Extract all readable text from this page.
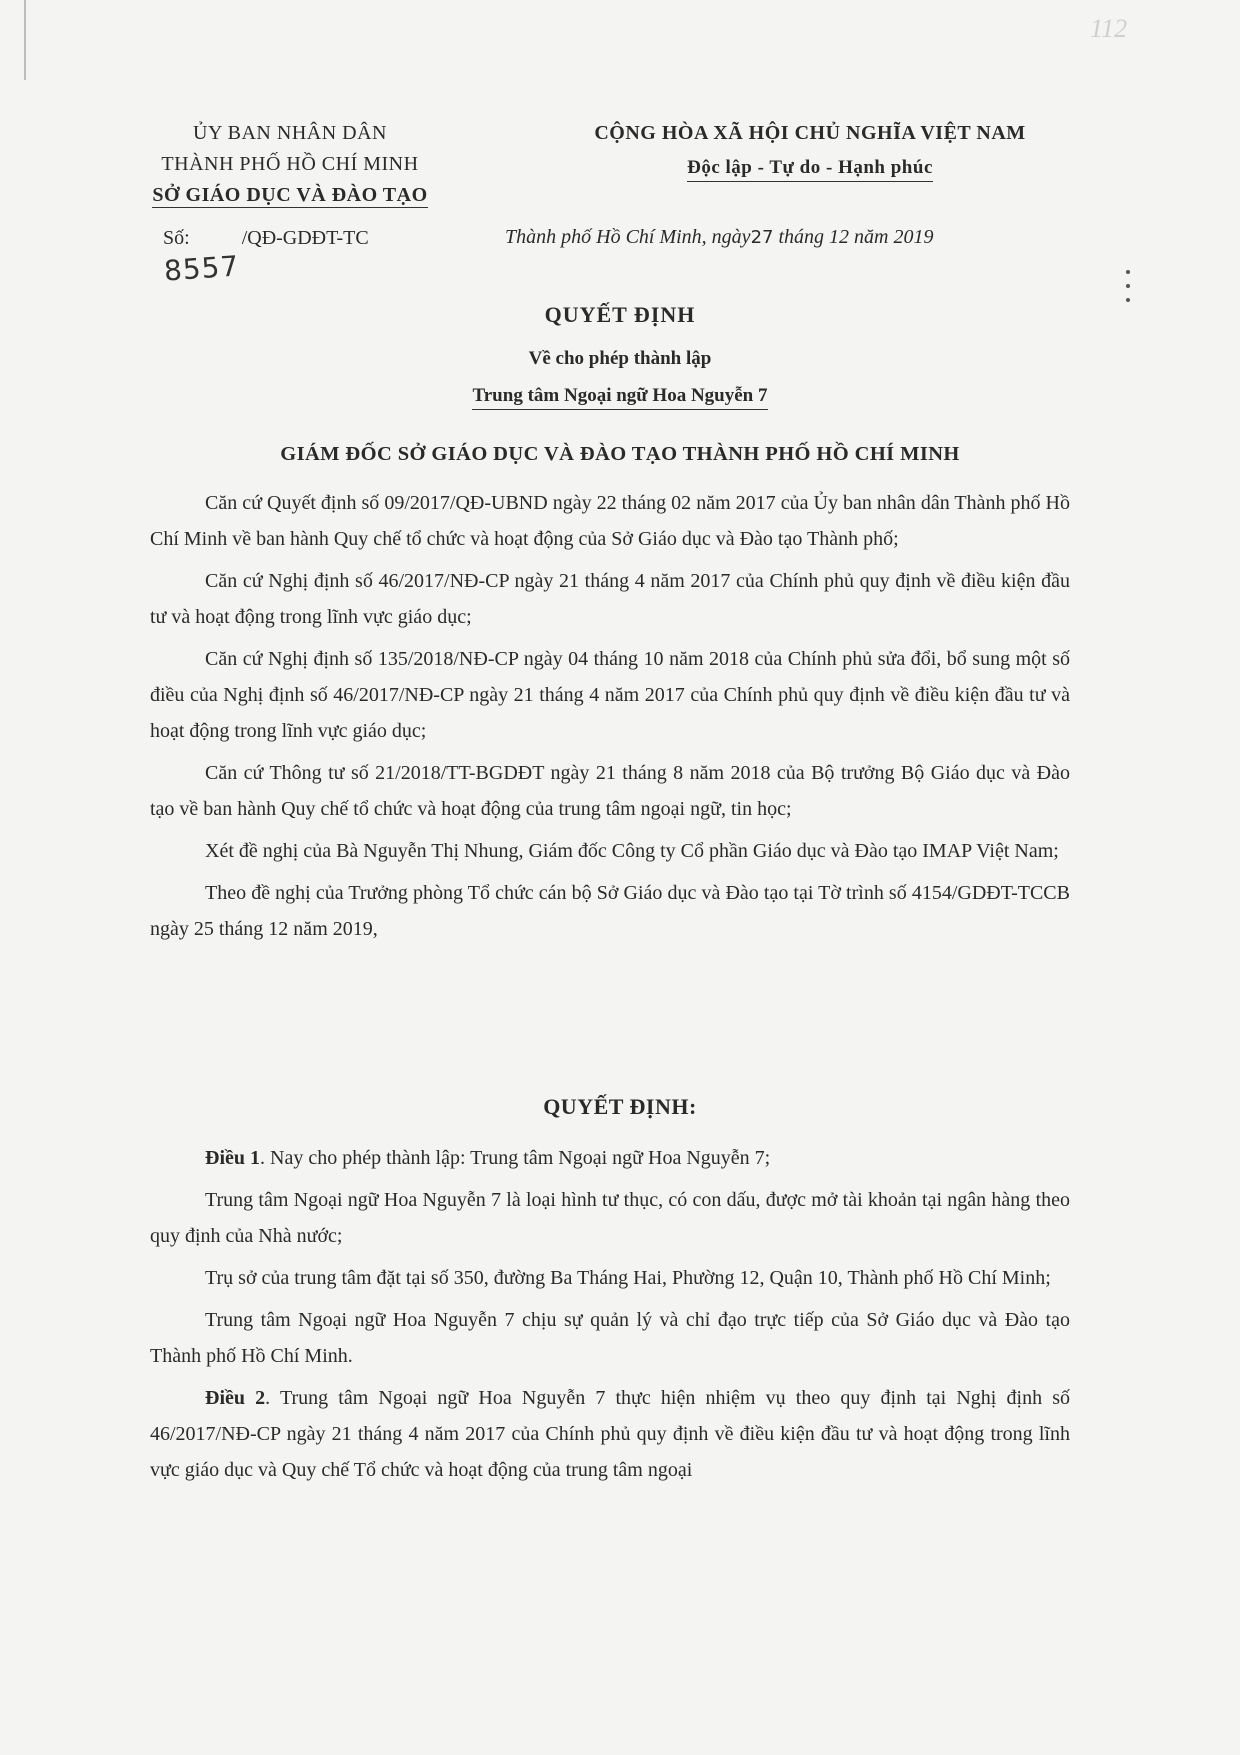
112
ỦY BAN NHÂN DÂN
THÀNH PHỐ HỒ CHÍ MINH
SỞ GIÁO DỤC VÀ ĐÀO TẠO
CỘNG HÒA XÃ HỘI CHỦ NGHĨA VIỆT NAM
Độc lập - Tự do - Hạnh phúc
Số:	/QĐ-GDĐT-TC
8557
Thành phố Hồ Chí Minh, ngày27 tháng 12 năm 2019
QUYẾT ĐỊNH
Về cho phép thành lập
Trung tâm Ngoại ngữ Hoa Nguyễn 7
GIÁM ĐỐC SỞ GIÁO DỤC VÀ ĐÀO TẠO THÀNH PHỐ HỒ CHÍ MINH

Căn cứ Quyết định số 09/2017/QĐ-UBND ngày 22 tháng 02 năm 2017 của Ủy ban nhân dân Thành phố Hồ Chí Minh về ban hành Quy chế tổ chức và hoạt động của Sở Giáo dục và Đào tạo Thành phố;

Căn cứ Nghị định số 46/2017/NĐ-CP ngày 21 tháng 4 năm 2017 của Chính phủ quy định về điều kiện đầu tư và hoạt động trong lĩnh vực giáo dục;

Căn cứ Nghị định số 135/2018/NĐ-CP ngày 04 tháng 10 năm 2018 của Chính phủ sửa đổi, bổ sung một số điều của Nghị định số 46/2017/NĐ-CP ngày 21 tháng 4 năm 2017 của Chính phủ quy định về điều kiện đầu tư và hoạt động trong lĩnh vực giáo dục;

Căn cứ Thông tư số 21/2018/TT-BGDĐT ngày 21 tháng 8 năm 2018 của Bộ trưởng Bộ Giáo dục và Đào tạo về ban hành Quy chế tổ chức và hoạt động của trung tâm ngoại ngữ, tin học;

Xét đề nghị của Bà Nguyễn Thị Nhung, Giám đốc Công ty Cổ phần Giáo dục và Đào tạo IMAP Việt Nam;

Theo đề nghị của Trưởng phòng Tổ chức cán bộ Sở Giáo dục và Đào tạo tại Tờ trình số 4154/GDĐT-TCCB ngày 25 tháng 12 năm 2019,

QUYẾT ĐỊNH:

Điều 1. Nay cho phép thành lập: Trung tâm Ngoại ngữ Hoa Nguyễn 7;

Trung tâm Ngoại ngữ Hoa Nguyễn 7 là loại hình tư thục, có con dấu, được mở tài khoản tại ngân hàng theo quy định của Nhà nước;

Trụ sở của trung tâm đặt tại số 350, đường Ba Tháng Hai, Phường 12, Quận 10, Thành phố Hồ Chí Minh;

Trung tâm Ngoại ngữ Hoa Nguyễn 7 chịu sự quản lý và chỉ đạo trực tiếp của Sở Giáo dục và Đào tạo Thành phố Hồ Chí Minh.

Điều 2. Trung tâm Ngoại ngữ Hoa Nguyễn 7 thực hiện nhiệm vụ theo quy định tại Nghị định số 46/2017/NĐ-CP ngày 21 tháng 4 năm 2017 của Chính phủ quy định về điều kiện đầu tư và hoạt động trong lĩnh vực giáo dục và Quy chế Tổ chức và hoạt động của trung tâm ngoại
